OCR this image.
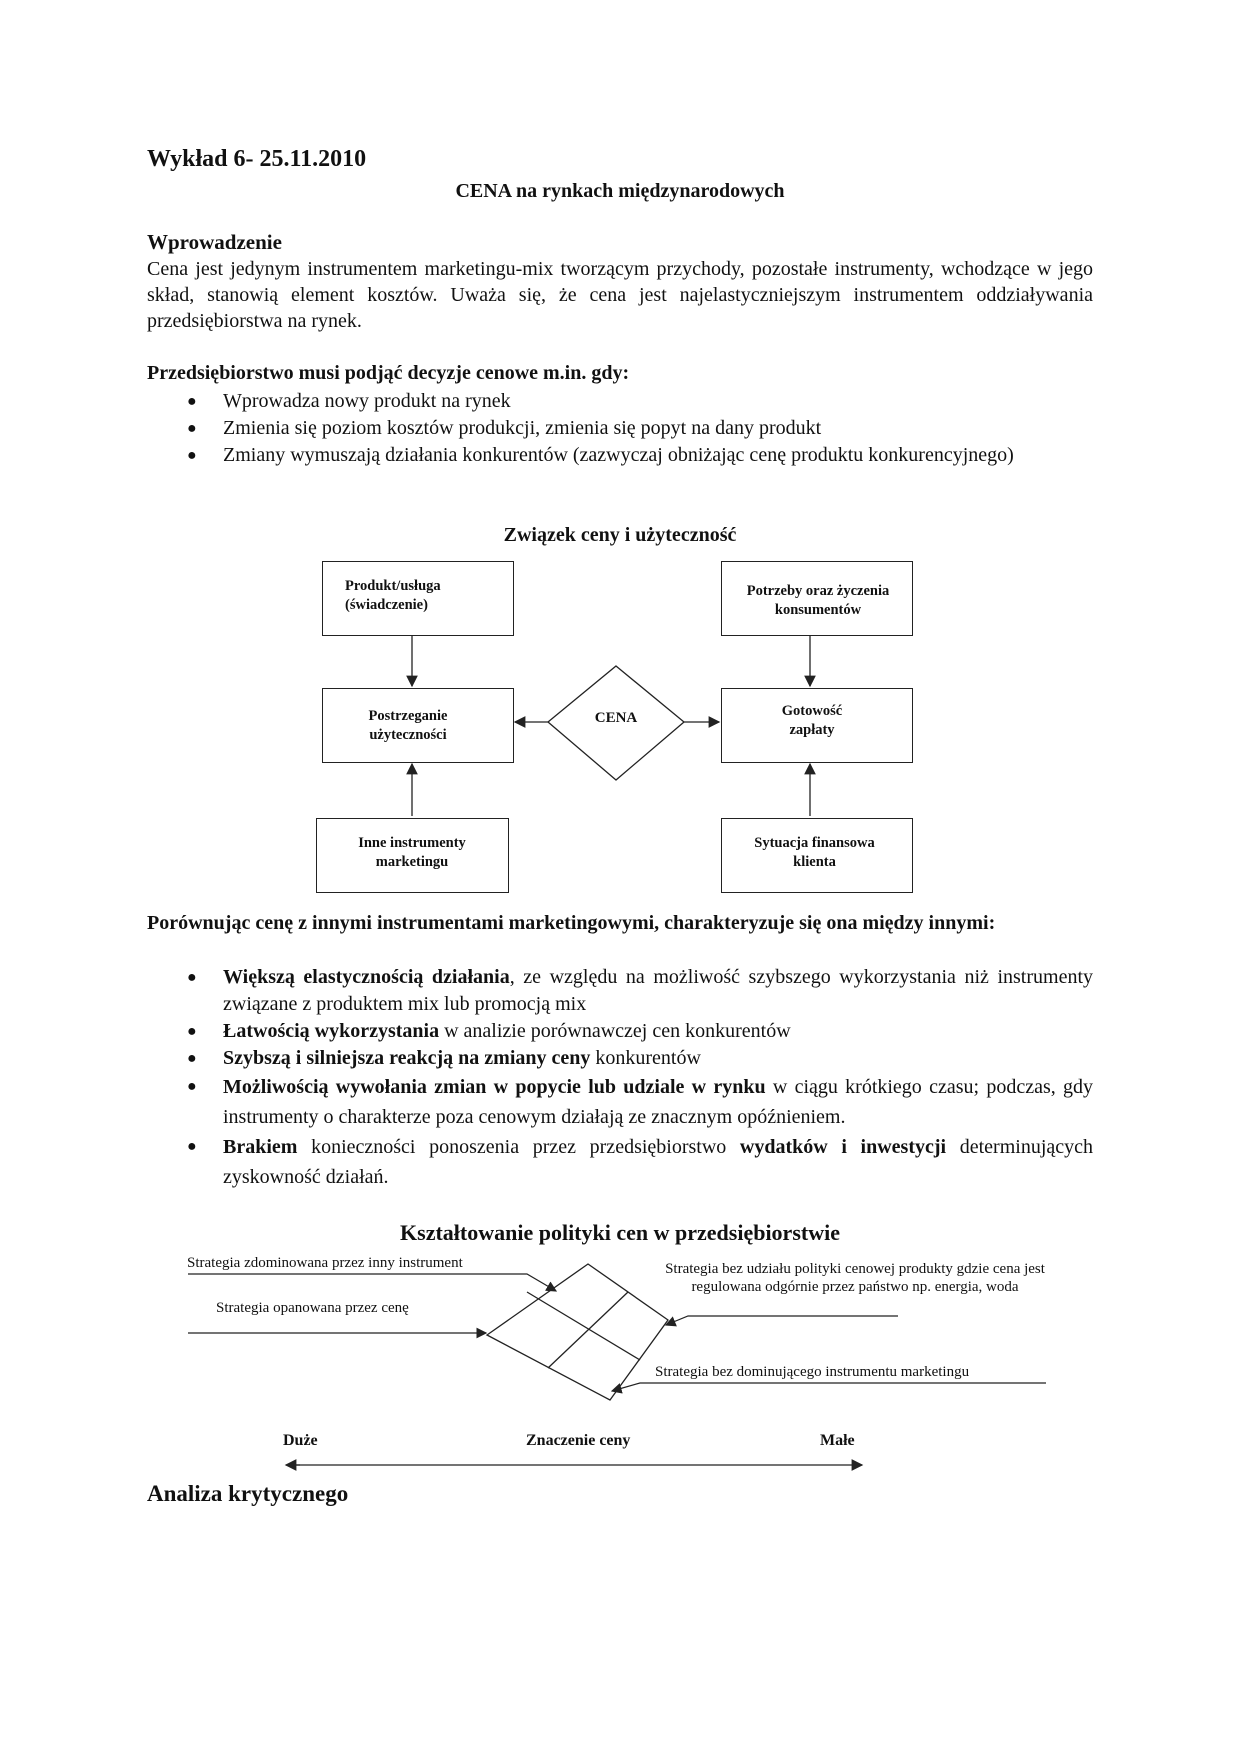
Wykład 6- 25.11.2010
CENA na rynkach międzynarodowych
Wprowadzenie
Cena jest jedynym instrumentem marketingu-mix tworzącym przychody, pozostałe instrumenty, wchodzące w jego skład, stanowią element kosztów. Uważa się, że cena jest najelastyczniejszym instrumentem oddziaływania przedsiębiorstwa na rynek.
Przedsiębiorstwo musi podjąć decyzje cenowe m.in. gdy:
● Wprowadza nowy produkt na rynek
● Zmienia się poziom kosztów produkcji, zmienia się popyt na dany produkt
● Zmiany wymuszają działania konkurentów (zazwyczaj obniżając cenę produktu konkurencyjnego)
Związek ceny i użyteczność
Produkt/usługa (świadczenie)
Potrzeby oraz życzenia konsumentów
Postrzeganie użyteczności
Gotowość zapłaty
CENA
Inne instrumenty marketingu
Sytuacja finansowa klienta
Porównując cenę z innymi instrumentami marketingowymi, charakteryzuje się ona między innymi:
● Większą elastycznością działania, ze względu na możliwość szybszego wykorzystania niż instrumenty związane z produktem mix lub promocją mix
● Łatwością wykorzystania w analizie porównawczej cen konkurentów
● Szybszą i silniejsza reakcją na zmiany ceny konkurentów
● Możliwością wywołania zmian w popycie lub udziale w rynku w ciągu krótkiego czasu; podczas, gdy instrumenty o charakterze poza cenowym działają ze znacznym opóźnieniem.
● Brakiem konieczności ponoszenia przez przedsiębiorstwo wydatków i inwestycji determinujących zyskowność działań.
Kształtowanie polityki cen w przedsiębiorstwie
Strategia zdominowana przez inny instrument
Strategia opanowana przez cenę
Strategia bez udziału polityki cenowej produkty gdzie cena jest regulowana odgórnie przez państwo np. energia, woda
Strategia bez dominującego instrumentu marketingu
Duże	Znaczenie ceny	Małe
Analiza krytycznego
